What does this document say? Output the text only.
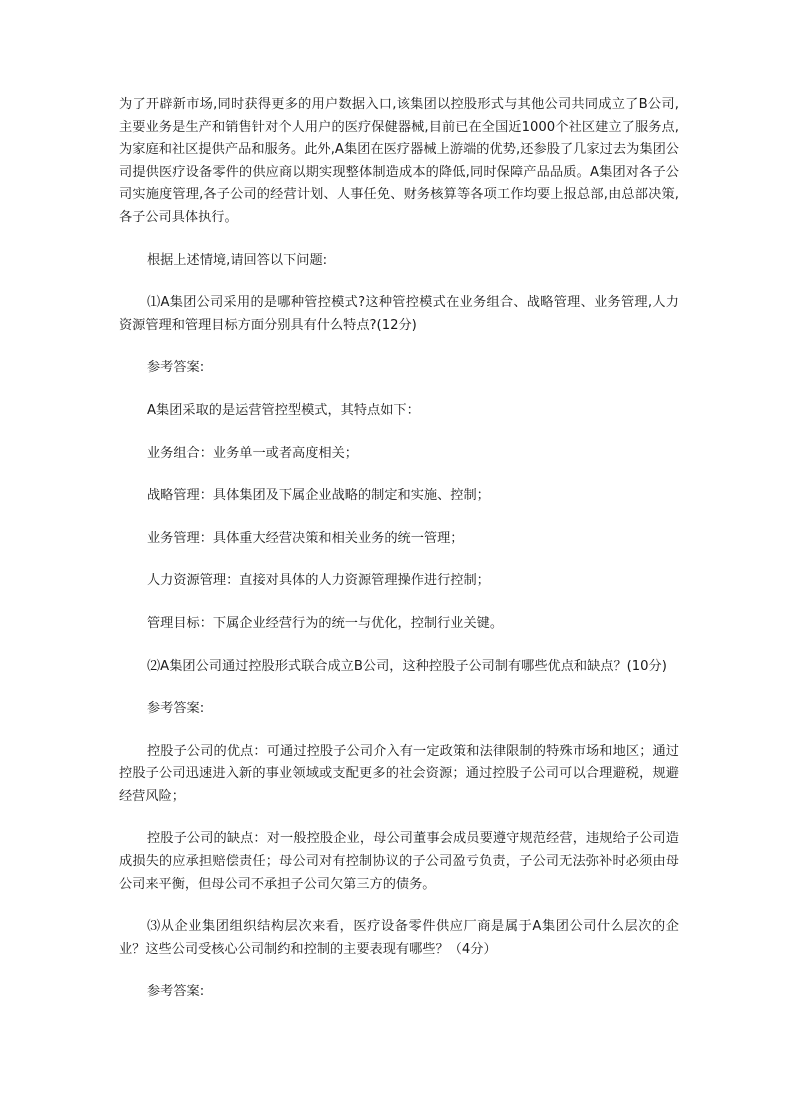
为了开辟新市场,同时获得更多的用户数据入口,该集团以控股形式与其他公司共同成立了B公司,主要业务是生产和销售针对个人用户的医疗保健器械,目前已在全国近1000个社区建立了服务点,为家庭和社区提供产品和服务。此外,A集团在医疗器械上游端的优势,还参股了几家过去为集团公司提供医疗设备零件的供应商以期实现整体制造成本的降低,同时保障产品品质。A集团对各子公司实施度管理,各子公司的经营计划、人事任免、财务核算等各项工作均要上报总部,由总部决策,各子公司具体执行。

根据上述情境,请回答以下问题:

⑴A集团公司采用的是哪种管控模式?这种管控模式在业务组合、战略管理、业务管理,人力资源管理和管理目标方面分别具有什么特点?(12分)

参考答案:

A集团采取的是运营管控型模式，其特点如下：

业务组合：业务单一或者高度相关；

战略管理：具体集团及下属企业战略的制定和实施、控制；

业务管理：具体重大经营决策和相关业务的统一管理；

人力资源管理：直接对具体的人力资源管理操作进行控制；

管理目标：下属企业经营行为的统一与优化，控制行业关键。

⑵A集团公司通过控股形式联合成立B公司，这种控股子公司制有哪些优点和缺点？(10分)

参考答案:

控股子公司的优点：可通过控股子公司介入有一定政策和法律限制的特殊市场和地区；通过控股子公司迅速进入新的事业领域或支配更多的社会资源；通过控股子公司可以合理避税，规避经营风险；

控股子公司的缺点：对一般控股企业，母公司董事会成员要遵守规范经营，违规给子公司造成损失的应承担赔偿责任；母公司对有控制协议的子公司盈亏负责，子公司无法弥补时必须由母公司来平衡，但母公司不承担子公司欠第三方的债务。

⑶从企业集团组织结构层次来看，医疗设备零件供应厂商是属于A集团公司什么层次的企业？这些公司受核心公司制约和控制的主要表现有哪些？（4分）

参考答案:
